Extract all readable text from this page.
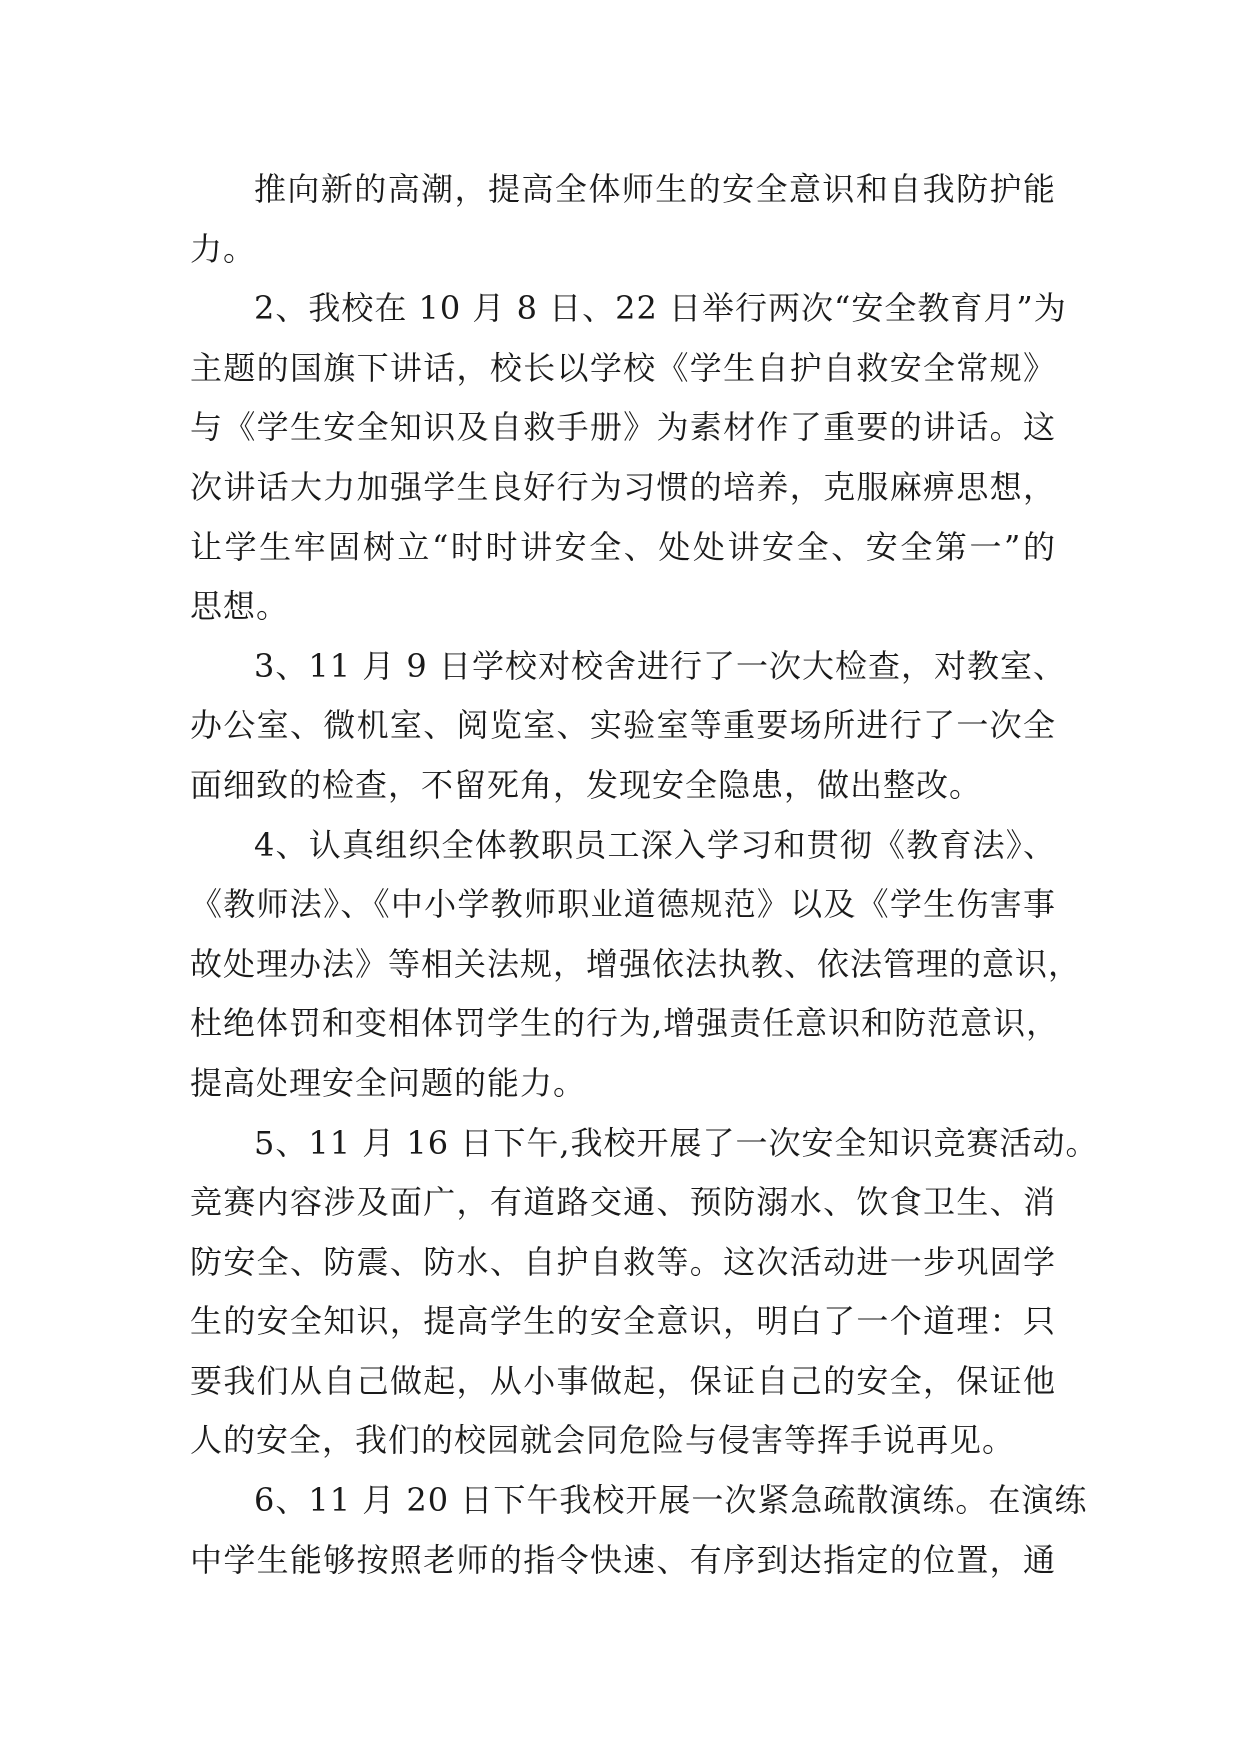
推向新的高潮，提高全体师生的安全意识和自我防护能
力。
2、我校在 10 月 8 日、22 日举行两次“安全教育月”为
主题的国旗下讲话，校长以学校《学生自护自救安全常规》
与《学生安全知识及自救手册》为素材作了重要的讲话。这
次讲话大力加强学生良好行为习惯的培养，克服麻痹思想，
让学生牢固树立“时时讲安全、处处讲安全、安全第一”的
思想。
3、11 月 9 日学校对校舍进行了一次大检查，对教室、
办公室、微机室、阅览室、实验室等重要场所进行了一次全
面细致的检查，不留死角，发现安全隐患，做出整改。
4、认真组织全体教职员工深入学习和贯彻《教育法》、
《教师法》、《中小学教师职业道德规范》以及《学生伤害事
故处理办法》等相关法规，增强依法执教、依法管理的意识，
杜绝体罚和变相体罚学生的行为,增强责任意识和防范意识，
提高处理安全问题的能力。
5、11 月 16 日下午,我校开展了一次安全知识竞赛活动。
竞赛内容涉及面广，有道路交通、预防溺水、饮食卫生、消
防安全、防震、防水、自护自救等。这次活动进一步巩固学
生的安全知识，提高学生的安全意识，明白了一个道理：只
要我们从自己做起，从小事做起，保证自己的安全，保证他
人的安全，我们的校园就会同危险与侵害等挥手说再见。
6、11 月 20 日下午我校开展一次紧急疏散演练。在演练
中学生能够按照老师的指令快速、有序到达指定的位置，通
